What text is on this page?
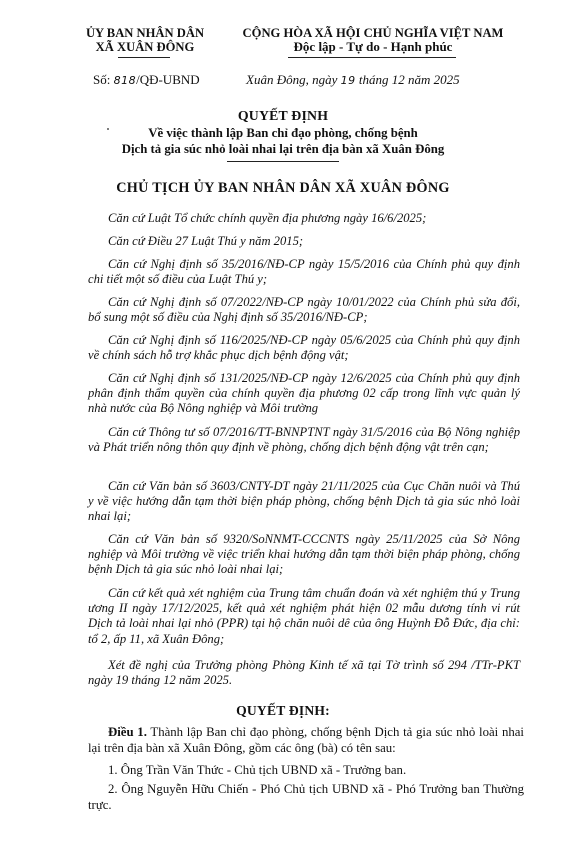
ỦY BAN NHÂN DÂN
XÃ XUÂN ĐÔNG
CỘNG HÒA XÃ HỘI CHỦ NGHĨA VIỆT NAM
Độc lập - Tự do - Hạnh phúc
Số: 818/QĐ-UBND	Xuân Đông, ngày 19 tháng 12 năm 2025
QUYẾT ĐỊNH
Về việc thành lập Ban chỉ đạo phòng, chống bệnh
Dịch tả gia súc nhỏ loài nhai lại trên địa bàn xã Xuân Đông
CHỦ TỊCH ỦY BAN NHÂN DÂN XÃ XUÂN ĐÔNG
Căn cứ Luật Tổ chức chính quyền địa phương ngày 16/6/2025;
Căn cứ Điều 27 Luật Thú y năm 2015;
Căn cứ Nghị định số 35/2016/NĐ-CP ngày 15/5/2016 của Chính phủ quy định chi tiết một số điều của Luật Thú y;
Căn cứ Nghị định số 07/2022/NĐ-CP ngày 10/01/2022 của Chính phủ sửa đổi, bổ sung một số điều của Nghị định số 35/2016/NĐ-CP;
Căn cứ Nghị định số 116/2025/NĐ-CP ngày 05/6/2025 của Chính phủ quy định về chính sách hỗ trợ khắc phục dịch bệnh động vật;
Căn cứ Nghị định số 131/2025/NĐ-CP ngày 12/6/2025 của Chính phủ quy định phân định thẩm quyền của chính quyền địa phương 02 cấp trong lĩnh vực quản lý nhà nước của Bộ Nông nghiệp và Môi trường
Căn cứ Thông tư số 07/2016/TT-BNNPTNT ngày 31/5/2016 của Bộ Nông nghiệp và Phát triển nông thôn quy định về phòng, chống dịch bệnh động vật trên cạn;
Căn cứ Văn bản số 3603/CNTY-DT ngày 21/11/2025 của Cục Chăn nuôi và Thú y về việc hướng dẫn tạm thời biện pháp phòng, chống bệnh Dịch tả gia súc nhỏ loài nhai lại;
Căn cứ Văn bản số 9320/SoNNMT-CCCNTS ngày 25/11/2025 của Sở Nông nghiệp và Môi trường về việc triển khai hướng dẫn tạm thời biện pháp phòng, chống bệnh Dịch tả gia súc nhỏ loài nhai lại;
Căn cứ kết quả xét nghiệm của Trung tâm chuẩn đoán và xét nghiệm thú y Trung ương II ngày 17/12/2025, kết quả xét nghiệm phát hiện 02 mẫu dương tính vi rút Dịch tả loài nhai lại nhỏ (PPR) tại hộ chăn nuôi dê của ông Huỳnh Đỗ Đức, địa chỉ: tổ 2, ấp 11, xã Xuân Đông;
Xét đề nghị của Trưởng phòng Phòng Kinh tế xã tại Tờ trình số 294 /TTr-PKT ngày 19 tháng 12 năm 2025.
QUYẾT ĐỊNH:
Điều 1. Thành lập Ban chỉ đạo phòng, chống bệnh Dịch tả gia súc nhỏ loài nhai lại trên địa bàn xã Xuân Đông, gồm các ông (bà) có tên sau:
1. Ông Trần Văn Thức - Chủ tịch UBND xã - Trưởng ban.
2. Ông Nguyễn Hữu Chiến - Phó Chủ tịch UBND xã - Phó Trưởng ban Thường trực.
